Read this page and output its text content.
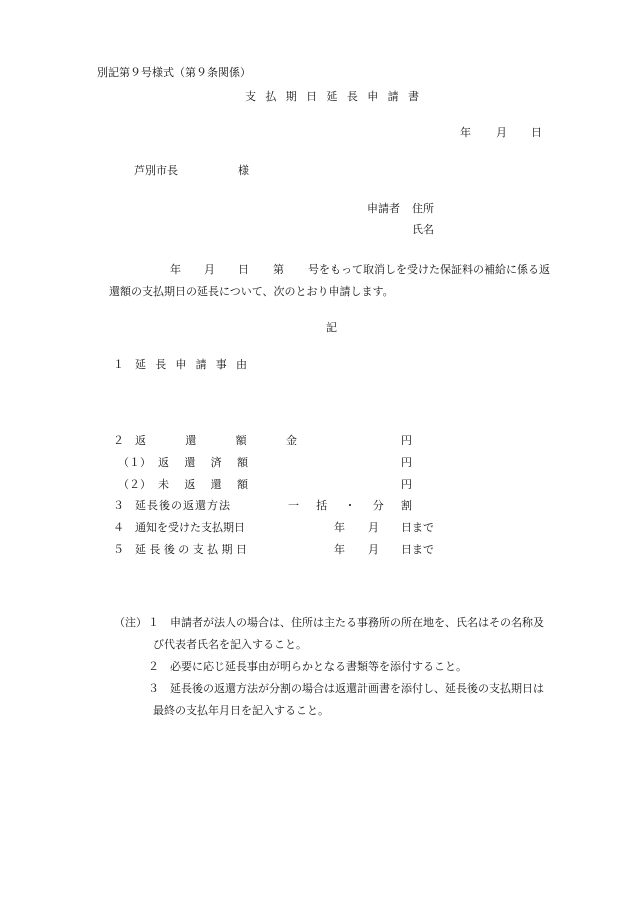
別記第９号様式（第９条関係）
支 払 期 日 延 長 申 請 書
年 月 日
芦別市長	様
申請者 住所
氏名
年 月 日 第 号をもって取消しを受けた保証料の補給に係る返
還額の支払期日の延長について、次のとおり申請します。
記
１ 延 長 申 請 事 由
２ 返	還	額	金	円
（１） 返 還 済 額	円
（２） 未 返 還 額	円
３ 延長後の返還方法	一 括 ・ 分 割
４ 通知を受けた支払期日	年 月 日まで
５ 延 長 後 の 支 払 期 日	年 月 日まで
（注） １ 申請者が法人の場合は、住所は主たる事務所の所在地を、氏名はその名称及
び代表者氏名を記入すること。
２ 必要に応じ延長事由が明らかとなる書類等を添付すること。
３ 延長後の返還方法が分割の場合は返還計画書を添付し、延長後の支払期日は
最終の支払年月日を記入すること。
